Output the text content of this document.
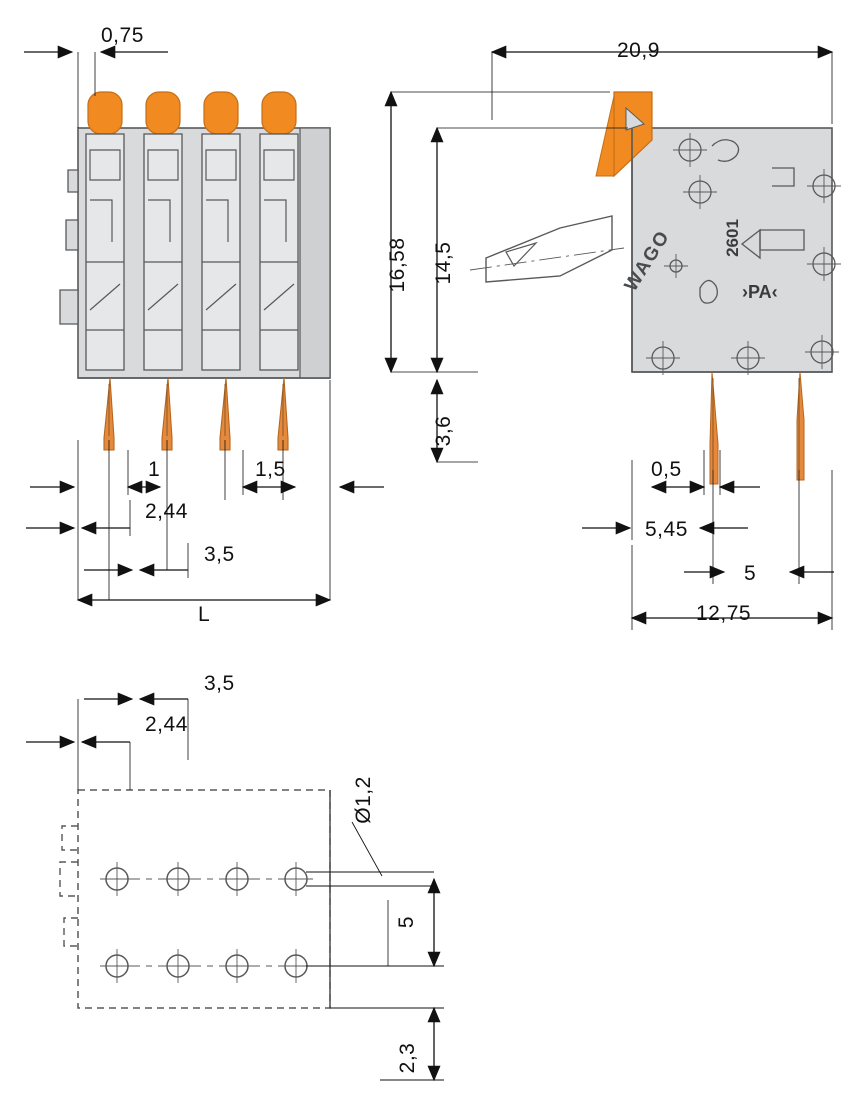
0,75
1	1,5
2,44
3,5
L
20,9
16,58 14,5
3,6
0,5
5,45
5
12,75
WAGO	›PA‹
2601
3,5
2,44
Ø1,2
5
2,3
